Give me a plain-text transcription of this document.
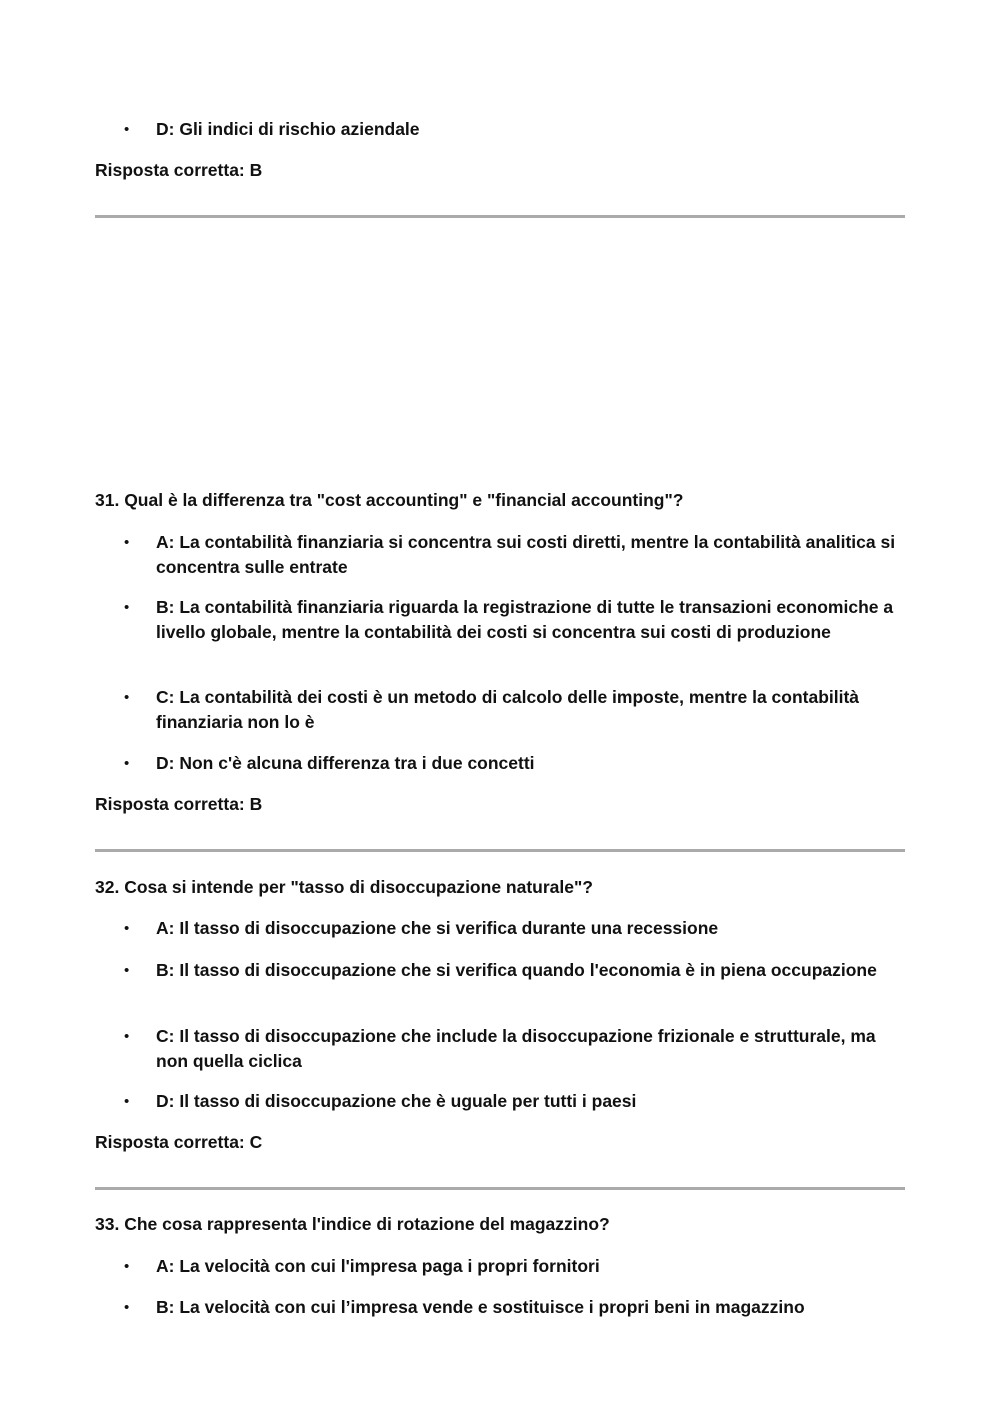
• D: Gli indici di rischio aziendale
Risposta corretta: B
31. Qual è la differenza tra "cost accounting" e "financial accounting"?
• A: La contabilità finanziaria si concentra sui costi diretti, mentre la contabilità analitica si concentra sulle entrate
• B: La contabilità finanziaria riguarda la registrazione di tutte le transazioni economiche a livello globale, mentre la contabilità dei costi si concentra sui costi di produzione
• C: La contabilità dei costi è un metodo di calcolo delle imposte, mentre la contabilità finanziaria non lo è
• D: Non c'è alcuna differenza tra i due concetti
Risposta corretta: B
32. Cosa si intende per "tasso di disoccupazione naturale"?
• A: Il tasso di disoccupazione che si verifica durante una recessione
• B: Il tasso di disoccupazione che si verifica quando l'economia è in piena occupazione
• C: Il tasso di disoccupazione che include la disoccupazione frizionale e strutturale, ma non quella ciclica
• D: Il tasso di disoccupazione che è uguale per tutti i paesi
Risposta corretta: C
33. Che cosa rappresenta l'indice di rotazione del magazzino?
• A: La velocità con cui l'impresa paga i propri fornitori
• B: La velocità con cui l’impresa vende e sostituisce i propri beni in magazzino
